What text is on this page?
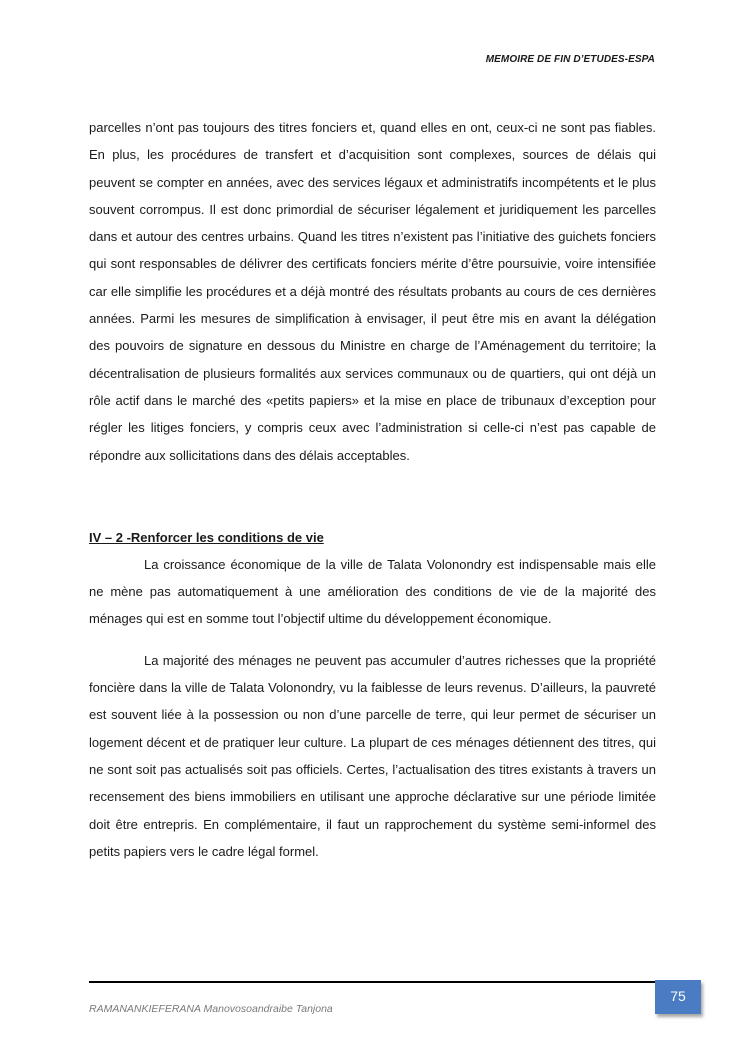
MEMOIRE DE FIN D’ETUDES-ESPA

parcelles n’ont pas toujours des titres fonciers et, quand elles en ont, ceux-ci ne sont pas fiables. En plus, les procédures de transfert et d’acquisition sont complexes, sources de délais qui peuvent se compter en années, avec des services légaux et administratifs incompétents et le plus souvent corrompus. Il est donc primordial de sécuriser légalement et juridiquement les parcelles dans et autour des centres urbains. Quand les titres n’existent pas l’initiative des guichets fonciers qui sont responsables de délivrer des certificats fonciers mérite d’être poursuivie, voire intensifiée car elle simplifie les procédures et a déjà montré des résultats probants au cours de ces dernières années. Parmi les mesures de simplification à envisager, il peut être mis en avant la délégation des pouvoirs de signature en dessous du Ministre en charge de l’Aménagement du territoire; la décentralisation de plusieurs formalités aux services communaux ou de quartiers, qui ont déjà un rôle actif dans le marché des «petits papiers» et la mise en place de tribunaux d’exception pour régler les litiges fonciers, y compris ceux avec l’administration si celle-ci n’est pas capable de répondre aux sollicitations dans des délais acceptables.

IV – 2 -Renforcer les conditions de vie

La croissance économique de la ville de Talata Volonondry est indispensable mais elle ne mène pas automatiquement à une amélioration des conditions de vie de la majorité des ménages qui est en somme tout l’objectif ultime du développement économique.

La majorité des ménages ne peuvent pas accumuler d’autres richesses que la propriété foncière dans la ville de Talata Volonondry, vu la faiblesse de leurs revenus. D’ailleurs, la pauvreté est souvent liée à la possession ou non d’une parcelle de terre, qui leur permet de sécuriser un logement décent et de pratiquer leur culture. La plupart de ces ménages détiennent des titres, qui ne sont soit pas actualisés soit pas officiels. Certes, l’actualisation des titres existants à travers un recensement des biens immobiliers en utilisant une approche déclarative sur une période limitée doit être entrepris. En complémentaire, il faut un rapprochement du système semi-informel des petits papiers vers le cadre légal formel.

RAMANANKIEFERANA Manovosoandraibe Tanjona
75
